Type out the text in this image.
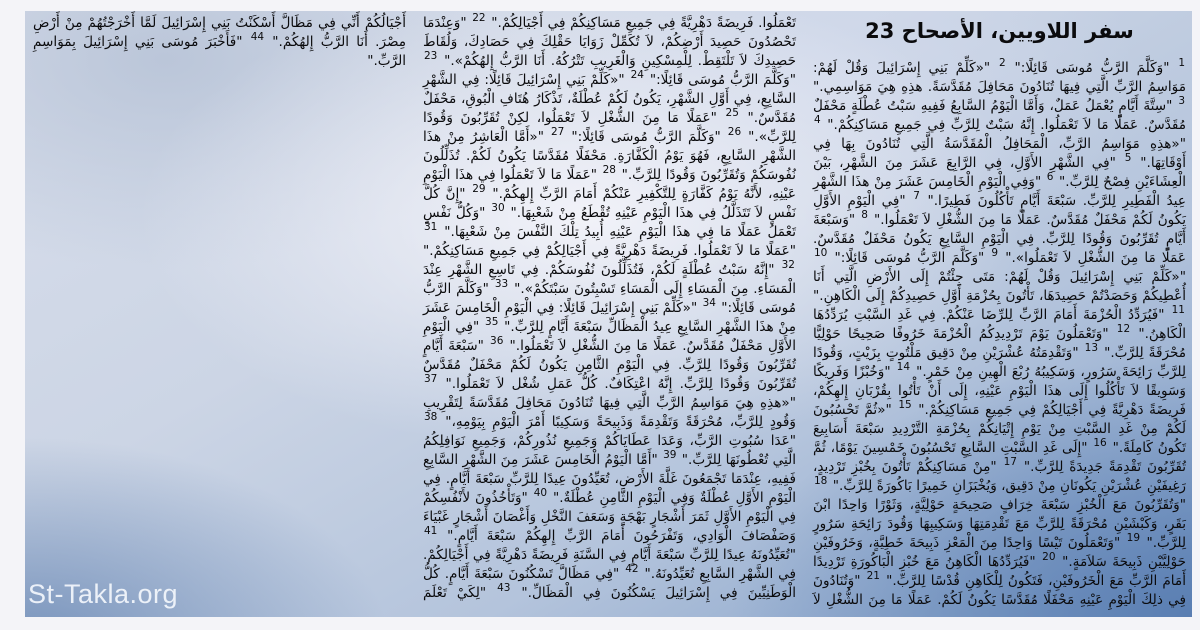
سفر اللاويين، الأصحاح 23
$^1$ "وَكَلَّمَ الرَّبُّ مُوسَى قَائِلًا:" $^2$ "«كَلِّمْ بَنِي إِسْرَائِيلَ وَقُلْ لَهُمْ: مَوَاسِمُ الرَّبِّ الَّتِي فِيهَا تُنَادُونَ مَحَافِلَ مُقَدَّسَةً. هذِهِ هِيَ مَوَاسِمِي." $^3$ "سِتَّةَ أَيَّامٍ يُعْمَلُ عَمَلٌ، وَأَمَّا الْيَوْمُ السَّابِعُ فَفِيهِ سَبْتُ عُطْلَةٍ مَحْفَلٌ مُقَدَّسٌ. عَمَلًا مَا لاَ تَعْمَلُوا. إِنَّهُ سَبْتٌ لِلرَّبِّ فِي جَمِيعِ مَسَاكِنِكُمْ." $^4$ "«هذِهِ مَوَاسِمُ الرَّبِّ، الْمَحَافِلُ الْمُقَدَّسَةُ الَّتِي تُنَادُونَ بِهَا فِي أَوْقَاتِهَا." $^5$ "فِي الشَّهْرِ الأَوَّلِ، فِي الرَّابِعَ عَشَرَ مِنَ الشَّهْرِ، بَيْنَ الْعِشَاءَيْنِ فِصْحٌ لِلرَّبِّ." $^6$ "وَفِي الْيَوْمِ الْخَامِسَ عَشَرَ مِنْ هذَا الشَّهْرِ عِيدُ الْفَطِيرِ لِلرَّبِّ. سَبْعَةَ أَيَّامٍ تَأْكُلُونَ فَطِيرًا." $^7$ "فِي الْيَوْمِ الأَوَّلِ يَكُونُ لَكُمْ مَحْفَلٌ مُقَدَّسٌ. عَمَلًا مَا مِنَ الشُّغْلِ لاَ تَعْمَلُوا." $^8$ "وَسَبْعَةَ أَيَّامٍ تُقَرِّبُونَ وَقُودًا لِلرَّبِّ. فِي الْيَوْمِ السَّابِعِ يَكُونُ مَحْفَلٌ مُقَدَّسٌ. عَمَلًا مَا مِنَ الشُّغْلِ لاَ تَعْمَلُوا»." $^9$ "وَكَلَّمَ الرَّبُّ مُوسَى قَائِلًا:" $^{10}$ "«كَلِّمْ بَنِي إِسْرَائِيلَ وَقُلْ لَهُمْ: مَتَى جِئْتُمْ إِلَى الأَرْضِ الَّتِي أَنَا أُعْطِيكُمْ وَحَصَدْتُمْ حَصِيدَهَا، تَأْتُونَ بِحُزْمَةِ أَوَّلِ حَصِيدِكُمْ إِلَى الْكَاهِنِ." $^{11}$ "فَيُرَدِّدُ الْحُزْمَةَ أَمَامَ الرَّبِّ لِلرِّضَا عَنْكُمْ. فِي غَدِ السَّبْتِ يُرَدِّدُهَا الْكَاهِنُ." $^{12}$ "وَتَعْمَلُونَ يَوْمَ تَرْدِيدِكُمُ الْحُزْمَةَ خَرُوفًا صَحِيحًا حَوْلِيًّا مُحْرَقَةً لِلرَّبِّ." $^{13}$ "وَتَقْدِمَتُهُ عُشْرَيْنِ مِنْ دَقِيق مَلْتُوتٍ بِزَيْتٍ، وَقُودًا لِلرَّبِّ رَائِحَةَ سَرُورٍ، وَسَكِيبُهُ رُبْعَ الْهِينِ مِنْ خَمْرٍ." $^{14}$ "وَخُبْزًا وَفَرِيكًا وَسَوِيقًا لاَ تَأْكُلُوا إِلَى هذَا الْيَوْمِ عَيْنِهِ، إِلَى أَنْ تَأْتُوا بِقُرْبَانِ إِلهِكُمْ، فَرِيضَةً دَهْرِيَّةً فِي أَجْيَالِكُمْ فِي جَمِيعِ مَسَاكِنِكُمْ." $^{15}$ "«ثُمَّ تَحْسُبُونَ لَكُمْ مِنْ غَدِ السَّبْتِ مِنْ يَوْمِ إِتْيَانِكُمْ بِحُزْمَةِ التَّرْدِيدِ سَبْعَةَ أَسَابِيعَ تَكُونُ كَامِلَةً." $^{16}$ "إِلَى غَدِ السَّبْتِ السَّابِعِ تَحْسُبُونَ خَمْسِينَ يَوْمًا، ثُمَّ تُقَرِّبُونَ تَقْدِمَةً جَدِيدَةً لِلرَّبِّ." $^{17}$ "مِنْ مَسَاكِنِكُمْ تَأْتُونَ بِخُبْزِ تَرْدِيدٍ، رَغِيفَيْنِ عُشْرَيْنِ يَكُونَانِ مِنْ دَقِيق، وَيُخْبَزَانِ خَمِيرًا بَاكُورَةً لِلرَّبِّ." $^{18}$ "وَتُقَرِّبُونَ مَعَ الْخُبْزِ سَبْعَةَ خِرَافٍ صَحِيحَةٍ حَوْلِيَّةٍ، وَثَوْرًا وَاحِدًا ابْنَ بَقَرٍ، وَكَبْشَيْنِ مُحْرَقَةً لِلرَّبِّ مَعَ تَقْدِمَتِهَا وَسَكِيبِهَا وَقُودَ رَائِحَةِ سَرُورٍ لِلرَّبِّ." $^{19}$ "وَتَعْمَلُونَ تَيْسًا وَاحِدًا مِنَ الْمَعْزِ ذَبِيحَةَ خَطِيَّةٍ، وَخَرُوفَيْنِ حَوْلِيَّيْنِ ذَبِيحَةَ سَلاَمَةٍ." $^{20}$ "فَيُرَدِّدُهَا الْكَاهِنُ مَعَ خُبْزِ الْبَاكُورَةِ تَرْدِيدًا أَمَامَ الرَّبِّ مَعَ الْخَرُوفَيْنِ، فَتَكُونُ لِلْكَاهِنِ قُدْسًا لِلرَّبِّ." $^{21}$ "وَتُنَادُونَ فِي ذلِكَ الْيَوْمِ عَيْنِهِ مَحْفَلًا مُقَدَّسًا يَكُونُ لَكُمْ. عَمَلًا مَا مِنَ الشُّغْلِ لاَ تَعْمَلُوا. فَرِيضَةً دَهْرِيَّةً فِي جَمِيعِ مَسَاكِنِكُمْ فِي أَجْيَالِكُمْ." $^{22}$ "وَعِنْدَمَا تَحْصُدُونَ حَصِيدَ أَرْضِكُمْ، لاَ تُكَمِّلْ زَوَايَا حَقْلِكَ فِي حَصَادِكَ، وَلُقَاطَ حَصِيدِكَ لاَ تَلْتَقِطْ. لِلْمِسْكِينِ وَالْغَرِيبِ تَتْرُكُهُ. أَنَا الرَّبُّ إِلهُكُمْ»." $^{23}$ "وَكَلَّمَ الرَّبُّ مُوسَى قَائِلًا:" $^{24}$ "«كَلِّمْ بَنِي إِسْرَائِيلَ قَائِلًا: فِي الشَّهْرِ السَّابِعِ، فِي أَوَّلِ الشَّهْرِ، يَكُونُ لَكُمْ عُطْلَةٌ، تَذْكَارُ هُتَافِ الْبُوقِ، مَحْفَلٌ مُقَدَّسٌ." $^{25}$ "عَمَلًا مَا مِنَ الشُّغْلِ لاَ تَعْمَلُوا، لكِنْ تُقَرِّبُونَ وَقُودًا لِلرَّبِّ»." $^{26}$ "وَكَلَّمَ الرَّبُّ مُوسَى قَائِلًا:" $^{27}$ "«أَمَّا الْعَاشِرُ مِنْ هذَا الشَّهْرِ السَّابِعِ، فَهُوَ يَوْمُ الْكَفَّارَةِ. مَحْفَلًا مُقَدَّسًا يَكُونُ لَكُمْ. تُذَلِّلُونَ نُفُوسَكُمْ وَتُقَرِّبُونَ وَقُودًا لِلرَّبِّ." $^{28}$ "عَمَلًا مَا لاَ تَعْمَلُوا فِي هذَا الْيَوْمِ عَيْنِهِ، لأَنَّهُ يَوْمُ كَفَّارَةٍ لِلتَّكْفِيرِ عَنْكُمْ أَمَامَ الرَّبِّ إِلهِكُمْ." $^{29}$ "إِنَّ كُلَّ نَفْسٍ لاَ تَتَذَلَّلُ فِي هذَا الْيَوْمِ عَيْنِهِ تُقْطَعُ مِنْ شَعْبِهَا." $^{30}$ "وَكُلُّ نَفْسٍ تَعْمَلُ عَمَلًا مَا فِي هذَا الْيَوْمِ عَيْنِهِ أُبِيدُ تِلْكَ النَّفْسَ مِنْ شَعْبِهَا." $^{31}$ "عَمَلًا مَا لاَ تَعْمَلُوا. فَرِيضَةً دَهْرِيَّةً فِي أَجْيَالِكُمْ فِي جَمِيعِ مَسَاكِنِكُمْ." $^{32}$ "إِنَّهُ سَبْتُ عُطْلَةٍ لَكُمْ، فَتُذَلِّلُونَ نُفُوسَكُمْ. فِي تَاسِعِ الشَّهْرِ عِنْدَ الْمَسَاءِ. مِنَ الْمَسَاءِ إِلَى الْمَسَاءِ تَسْبِتُونَ سَبْتَكُمْ»." $^{33}$ "وَكَلَّمَ الرَّبُّ مُوسَى قَائِلًا:" $^{34}$ "«كَلِّمْ بَنِي إِسْرَائِيلَ قَائِلًا: فِي الْيَوْمِ الْخَامِسَ عَشَرَ مِنْ هذَا الشَّهْرِ السَّابِعِ عِيدُ الْمَظَالِّ سَبْعَةَ أَيَّامٍ لِلرَّبِّ." $^{35}$ "فِي الْيَوْمِ الأَوَّلِ مَحْفَلٌ مُقَدَّسٌ. عَمَلًا مَا مِنَ الشُّغْلِ لاَ تَعْمَلُوا." $^{36}$ "سَبْعَةَ أَيَّامٍ تُقَرِّبُونَ وَقُودًا لِلرَّبِّ. فِي الْيَوْمِ الثَّامِنِ يَكُونُ لَكُمْ مَحْفَلٌ مُقَدَّسٌ تُقَرِّبُونَ وَقُودًا لِلرَّبِّ. إِنَّهُ اعْتِكَافٌ. كُلُّ عَمَلِ شُغْل لاَ تَعْمَلُوا." $^{37}$ "«هذِهِ هِيَ مَوَاسِمُ الرَّبِّ الَّتِي فِيهَا تُنَادُونَ مَحَافِلَ مُقَدَّسَةً لِتَقْرِيبِ وَقُودٍ لِلرَّبِّ، مُحْرَقَةً وَتَقْدِمَةً وَذَبِيحَةً وَسَكِيبًا أَمْرَ الْيَوْمِ بِيَوْمِهِ،" $^{38}$ "عَدَا سُبُوتِ الرَّبِّ، وَعَدَا عَطَايَاكُمْ وَجَمِيعِ نُذُورِكُمْ، وَجَمِيعِ نَوَافِلِكُمُ الَّتِي تُعْطُونَهَا لِلرَّبِّ." $^{39}$ "أَمَّا الْيَوْمُ الْخَامِسَ عَشَرَ مِنَ الشَّهْرِ السَّابِعِ فَفِيهِ، عِنْدَمَا تَجْمَعُونَ غَلَّةَ الأَرْضِ، تُعَيِّدُونَ عِيدًا لِلرَّبِّ سَبْعَةَ أَيَّامٍ. فِي الْيَوْمِ الأَوَّلِ عُطْلَةٌ وَفِي الْيَوْمِ الثَّامِنِ عُطْلَةٌ." $^{40}$ "وَتَأْخُذُونَ لأَنْفُسِكُمْ فِي الْيَوْمِ الأَوَّلِ ثَمَرَ أَشْجَارٍ بَهْجَةٍ وَسَعَفَ النَّخْلِ وَأَغْصَانَ أَشْجَارٍ غَبْيَاءَ وَصَفْصَافَ الْوَادِي، وَتَفْرَحُونَ أَمَامَ الرَّبِّ إِلهِكُمْ سَبْعَةَ أَيَّامٍ." $^{41}$ "تُعَيِّدُونَهُ عِيدًا لِلرَّبِّ سَبْعَةَ أَيَّامٍ فِي السَّنَةِ فَرِيضَةً دَهْرِيَّةً فِي أَجْيَالِكُمْ. فِي الشَّهْرِ السَّابِعِ تُعَيِّدُونَهُ." $^{42}$ "فِي مَظَالَّ تَسْكُنُونَ سَبْعَةَ أَيَّامٍ. كُلُّ الْوَطَنِيِّينَ فِي إِسْرَائِيلَ يَسْكُنُونَ فِي الْمَظَالِّ." $^{43}$ "لِكَيْ تَعْلَمَ أَجْيَالُكُمْ أَنِّي فِي مَظَالَّ أَسْكَنْتُ بَنِي إِسْرَائِيلَ لَمَّا أَخْرَجْتُهُمْ مِنْ أَرْضِ مِصْرَ. أَنَا الرَّبُّ إِلهُكُمْ." $^{44}$ "فَأَخْبَرَ مُوسَى بَنِي إِسْرَائِيلَ بِمَوَاسِمِ الرَّبِّ."
St-Takla.org
